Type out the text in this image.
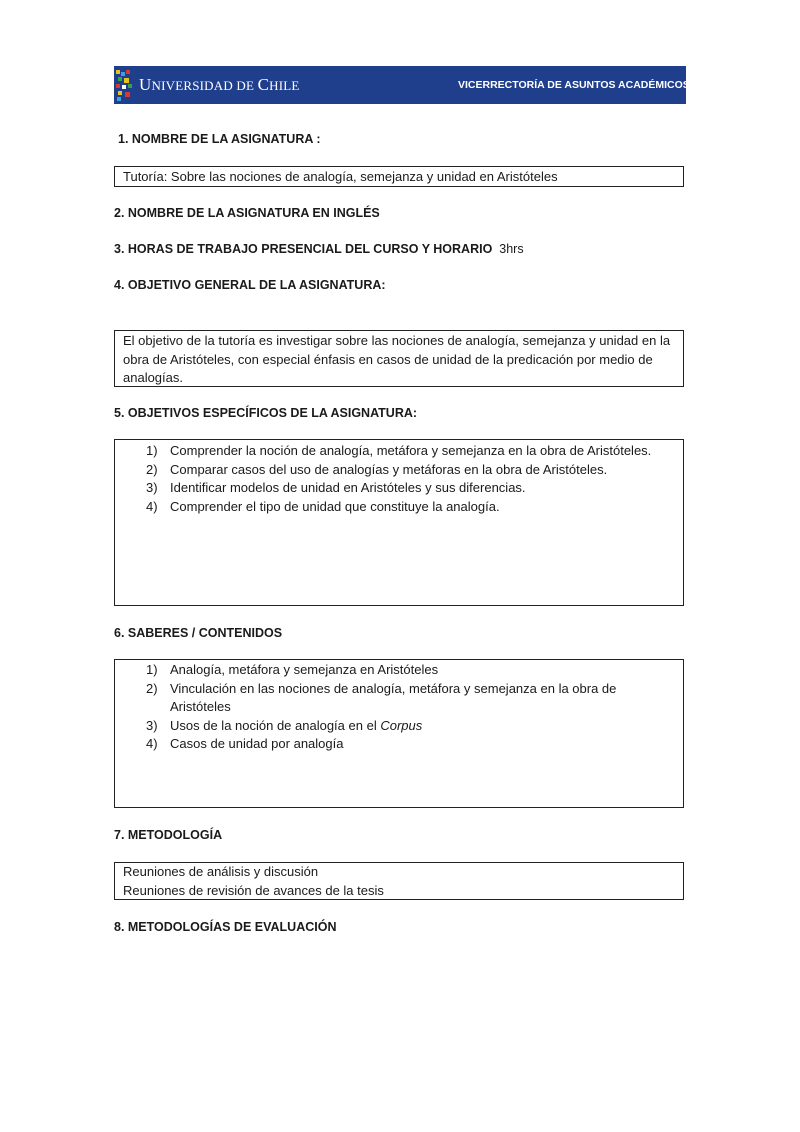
UNIVERSIDAD DE CHILE	VICERRECTORÍA DE ASUNTOS ACADÉMICOS
1. NOMBRE DE LA ASIGNATURA :
Tutoría: Sobre las nociones de analogía, semejanza y unidad en Aristóteles
2. NOMBRE DE LA ASIGNATURA EN INGLÉS
3. HORAS DE TRABAJO PRESENCIAL DEL CURSO Y HORARIO 3hrs
4. OBJETIVO GENERAL DE LA ASIGNATURA:
El objetivo de la tutoría es investigar sobre las nociones de analogía, semejanza y unidad en la obra de Aristóteles, con especial énfasis en casos de unidad de la predicación por medio de analogías.
5. OBJETIVOS ESPECÍFICOS DE LA ASIGNATURA:
1) Comprender la noción de analogía, metáfora y semejanza en la obra de Aristóteles.
2) Comparar casos del uso de analogías y metáforas en la obra de Aristóteles.
3) Identificar modelos de unidad en Aristóteles y sus diferencias.
4) Comprender el tipo de unidad que constituye la analogía.
6. SABERES / CONTENIDOS
1) Analogía, metáfora y semejanza en Aristóteles
2) Vinculación en las nociones de analogía, metáfora y semejanza en la obra de Aristóteles
3) Usos de la noción de analogía en el Corpus
4) Casos de unidad por analogía
7. METODOLOGÍA
Reuniones de análisis y discusión
Reuniones de revisión de avances de la tesis
8. METODOLOGÍAS DE EVALUACIÓN
